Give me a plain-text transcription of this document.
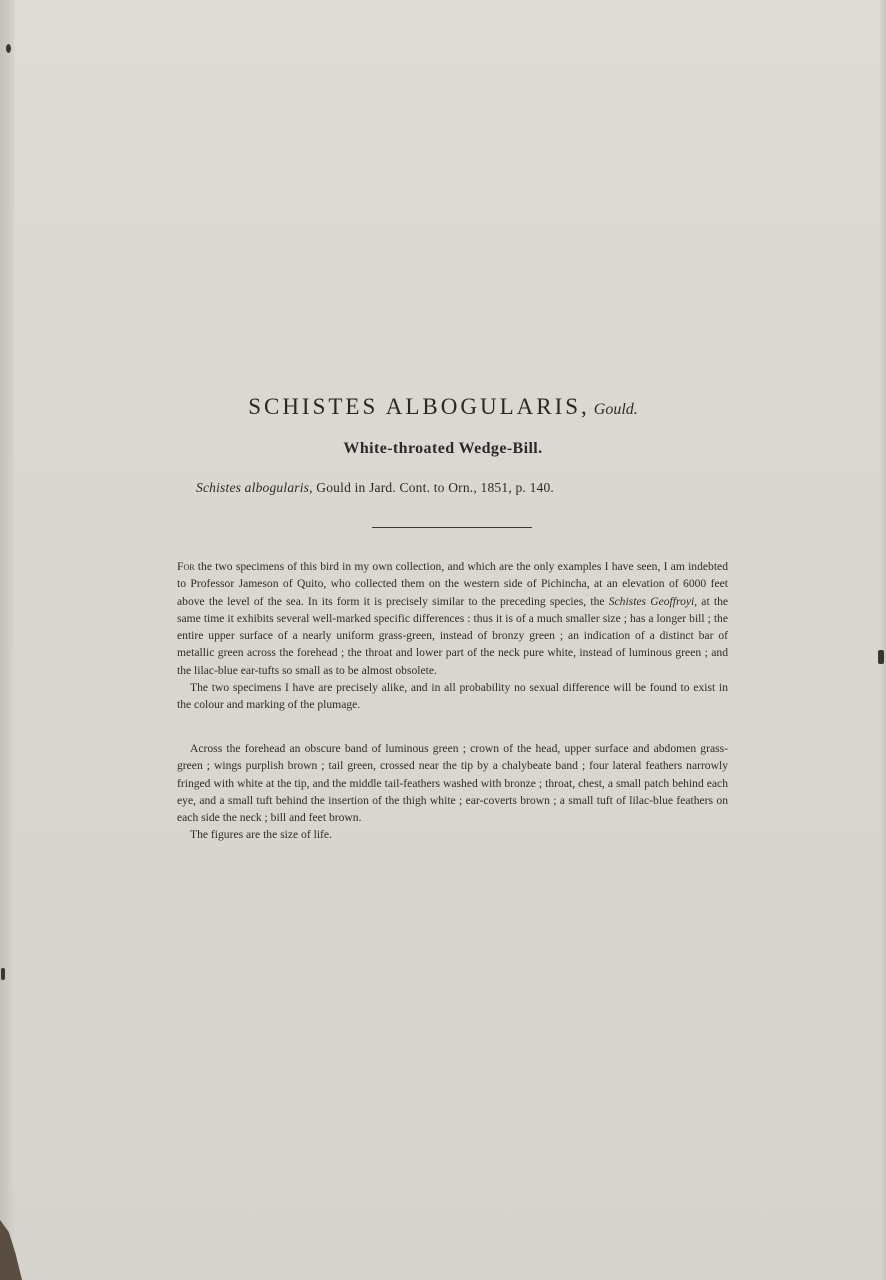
SCHISTES ALBOGULARIS, Gould.
White-throated Wedge-Bill.
Schistes albogularis, Gould in Jard. Cont. to Orn., 1851, p. 140.

For the two specimens of this bird in my own collection, and which are the only examples I have seen, I am indebted to Professor Jameson of Quito, who collected them on the western side of Pichincha, at an elevation of 6000 feet above the level of the sea. In its form it is precisely similar to the preceding species, the Schistes Geoffroyi, at the same time it exhibits several well-marked specific differences : thus it is of a much smaller size ; has a longer bill ; the entire upper surface of a nearly uniform grass-green, instead of bronzy green ; an indication of a distinct bar of metallic green across the forehead ; the throat and lower part of the neck pure white, instead of luminous green ; and the lilac-blue ear-tufts so small as to be almost obsolete.

The two specimens I have are precisely alike, and in all probability no sexual difference will be found to exist in the colour and marking of the plumage.

Across the forehead an obscure band of luminous green ; crown of the head, upper surface and abdomen grass-green ; wings purplish brown ; tail green, crossed near the tip by a chalybeate band ; four lateral feathers narrowly fringed with white at the tip, and the middle tail-feathers washed with bronze ; throat, chest, a small patch behind each eye, and a small tuft behind the insertion of the thigh white ; ear-coverts brown ; a small tuft of lilac-blue feathers on each side the neck ; bill and feet brown.

The figures are the size of life.
